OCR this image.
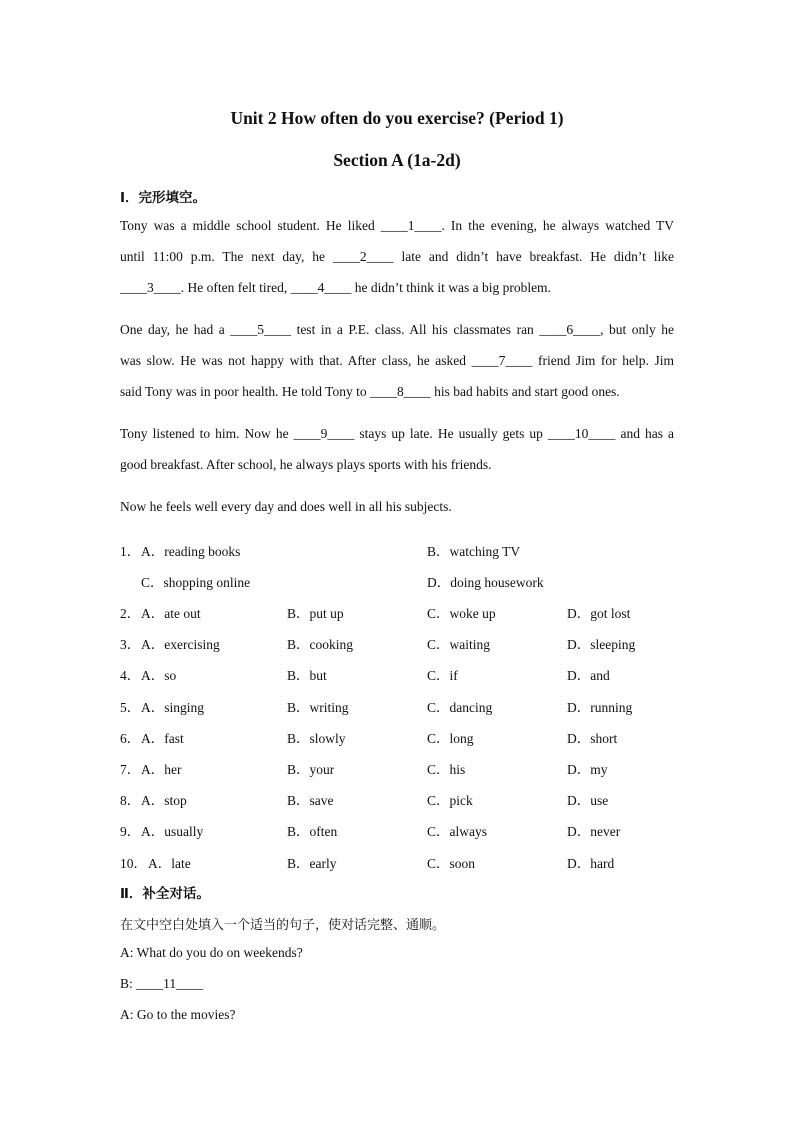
Unit 2 How often do you exercise? (Period 1)
Section A (1a-2d)
Ⅰ．完形填空。
Tony was a middle school student. He liked ____1____. In the evening, he always watched TV
until 11:00 p.m. The next day, he ____2____ late and didn’t have breakfast. He didn’t like
____3____. He often felt tired, ____4____ he didn’t think it was a big problem.
One day, he had a ____5____ test in a P.E. class. All his classmates ran ____6____, but only he
was slow. He was not happy with that. After class, he asked ____7____ friend Jim for help. Jim
said Tony was in poor health. He told Tony to ____8____ his bad habits and start good ones.
Tony listened to him. Now he ____9____ stays up late. He usually gets up ____10____ and has a
good breakfast. After school, he always plays sports with his friends.
Now he feels well every day and does well in all his subjects.
1． A．reading books	B．watching TV
C．shopping online	D．doing housework
2． A．ate out	B．put up	C．woke up	D．got lost
3． A．exercising	B．cooking	C．waiting	D．sleeping
4． A．so	B．but	C．if	D．and
5． A．singing	B．writing	C．dancing	D．running
6． A．fast	B．slowly	C．long	D．short
7． A．her	B．your	C．his	D．my
8． A．stop	B．save	C．pick	D．use
9． A．usually	B．often	C．always	D．never
10． A．late	B．early	C．soon	D．hard
Ⅱ．补全对话。
在文中空白处填入一个适当的句子，使对话完整、通顺。
A: What do you do on weekends?
B: ____11____
A: Go to the movies?
